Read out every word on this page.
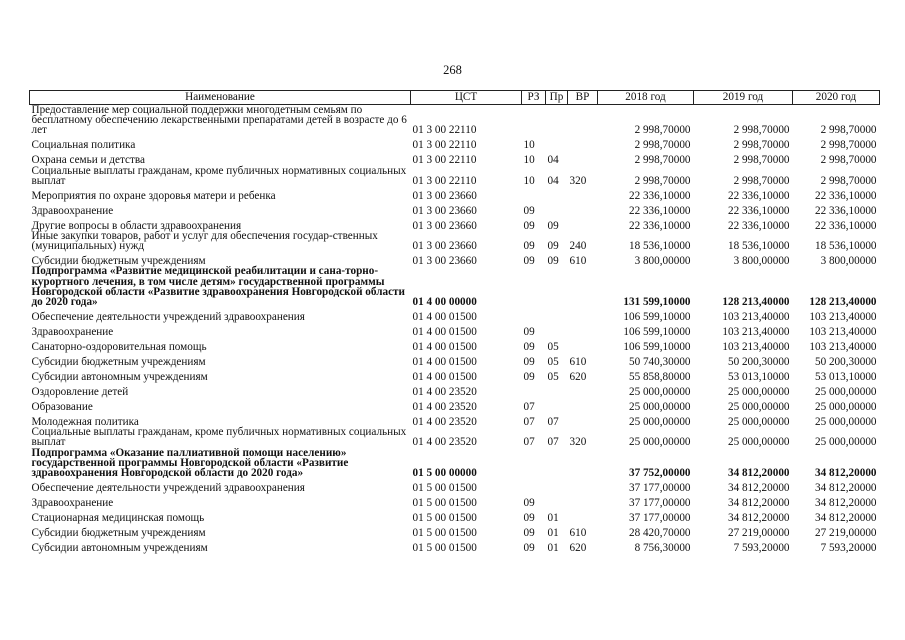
268
Наименование	ЦСТ	РЗ	Пр	ВР	2018 год	2019 год	2020 год
Предоставление мер социальной поддержки многодетным семьям по бесплатному обеспечению лекарственными препаратами детей в возрасте до 6 лет	01 3 00 22110				2 998,70000	2 998,70000	2 998,70000
Социальная политика	01 3 00 22110	10			2 998,70000	2 998,70000	2 998,70000
Охрана семьи и детства	01 3 00 22110	10	04		2 998,70000	2 998,70000	2 998,70000
Социальные выплаты гражданам, кроме публичных нормативных социальных выплат	01 3 00 22110	10	04	320	2 998,70000	2 998,70000	2 998,70000
Мероприятия по охране здоровья матери и ребенка	01 3 00 23660				22 336,10000	22 336,10000	22 336,10000
Здравоохранение	01 3 00 23660	09			22 336,10000	22 336,10000	22 336,10000
Другие вопросы в области здравоохранения	01 3 00 23660	09	09		22 336,10000	22 336,10000	22 336,10000
Иные закупки товаров, работ и услуг для обеспечения государ-ственных (муниципальных) нужд	01 3 00 23660	09	09	240	18 536,10000	18 536,10000	18 536,10000
Субсидии бюджетным учреждениям	01 3 00 23660	09	09	610	3 800,00000	3 800,00000	3 800,00000
Подпрограмма «Развитие медицинской реабилитации и сана-торно-курортного лечения, в том числе детям» государственной программы Новгородской области «Развитие здравоохранения Новгородской области до 2020 года»	01 4 00 00000				131 599,10000	128 213,40000	128 213,40000
Обеспечение деятельности учреждений здравоохранения	01 4 00 01500				106 599,10000	103 213,40000	103 213,40000
Здравоохранение	01 4 00 01500	09			106 599,10000	103 213,40000	103 213,40000
Санаторно-оздоровительная помощь	01 4 00 01500	09	05		106 599,10000	103 213,40000	103 213,40000
Субсидии бюджетным учреждениям	01 4 00 01500	09	05	610	50 740,30000	50 200,30000	50 200,30000
Субсидии автономным учреждениям	01 4 00 01500	09	05	620	55 858,80000	53 013,10000	53 013,10000
Оздоровление детей	01 4 00 23520				25 000,00000	25 000,00000	25 000,00000
Образование	01 4 00 23520	07			25 000,00000	25 000,00000	25 000,00000
Молодежная политика	01 4 00 23520	07	07		25 000,00000	25 000,00000	25 000,00000
Социальные выплаты гражданам, кроме публичных нормативных социальных выплат	01 4 00 23520	07	07	320	25 000,00000	25 000,00000	25 000,00000
Подпрограмма «Оказание паллиативной помощи населению» государственной программы Новгородской области «Развитие здравоохранения Новгородской области до 2020 года»	01 5 00 00000				37 752,00000	34 812,20000	34 812,20000
Обеспечение деятельности учреждений здравоохранения	01 5 00 01500				37 177,00000	34 812,20000	34 812,20000
Здравоохранение	01 5 00 01500	09			37 177,00000	34 812,20000	34 812,20000
Стационарная медицинская помощь	01 5 00 01500	09	01		37 177,00000	34 812,20000	34 812,20000
Субсидии бюджетным учреждениям	01 5 00 01500	09	01	610	28 420,70000	27 219,00000	27 219,00000
Субсидии автономным учреждениям	01 5 00 01500	09	01	620	8 756,30000	7 593,20000	7 593,20000
